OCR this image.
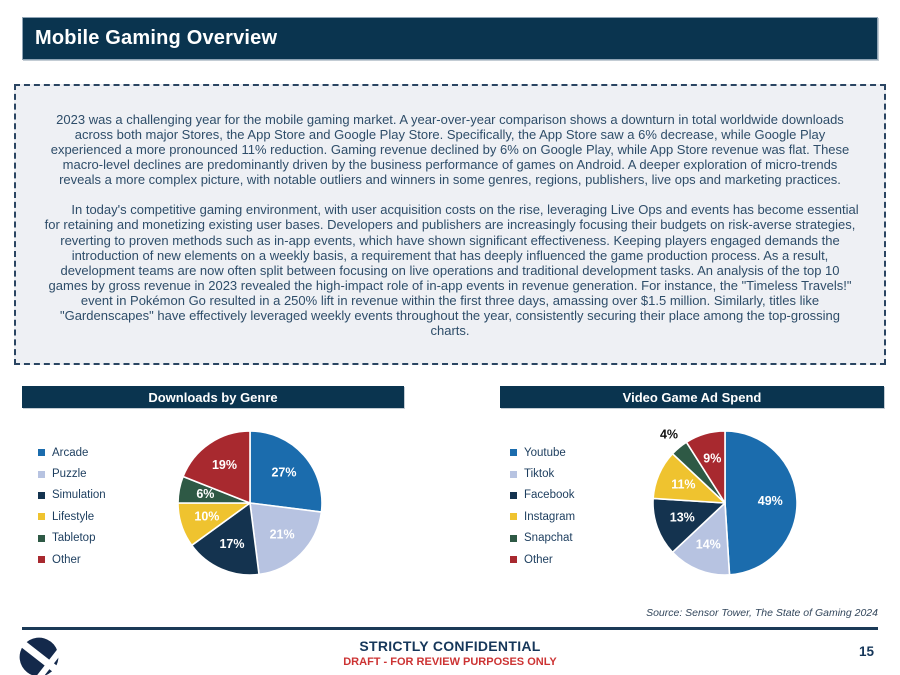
Mobile Gaming Overview

2023 was a challenging year for the mobile gaming market. A year-over-year comparison shows a downturn in total worldwide downloads across both major Stores, the App Store and Google Play Store. Specifically, the App Store saw a 6% decrease, while Google Play experienced a more pronounced 11% reduction. Gaming revenue declined by 6% on Google Play, while App Store revenue was flat. These macro-level declines are predominantly driven by the business performance of games on Android. A deeper exploration of micro-trends reveals a more complex picture, with notable outliers and winners in some genres, regions, publishers, live ops and marketing practices.

In today's competitive gaming environment, with user acquisition costs on the rise, leveraging Live Ops and events has become essential for retaining and monetizing existing user bases. Developers and publishers are increasingly focusing their budgets on risk-averse strategies, reverting to proven methods such as in-app events, which have shown significant effectiveness. Keeping players engaged demands the introduction of new elements on a weekly basis, a requirement that has deeply influenced the game production process. As a result, development teams are now often split between focusing on live operations and traditional development tasks. An analysis of the top 10 games by gross revenue in 2023 revealed the high-impact role of in-app events in revenue generation. For instance, the "Timeless Travels!" event in Pokémon Go resulted in a 250% lift in revenue within the first three days, amassing over $1.5 million. Similarly, titles like "Gardenscapes" have effectively leveraged weekly events throughout the year, consistently securing their place among the top-grossing charts.

Downloads by Genre
Arcade
Puzzle
Simulation
Lifestyle
Tabletop
Other
27%
21%
17%
10%
6%
19%
Video Game Ad Spend
Youtube
Tiktok
Facebook
Instagram
Snapchat
Other
49%
14%
13%
11%
4%
9%
Source: Sensor Tower, The State of Gaming 2024
STRICTLY CONFIDENTIAL
DRAFT - FOR REVIEW PURPOSES ONLY
15
